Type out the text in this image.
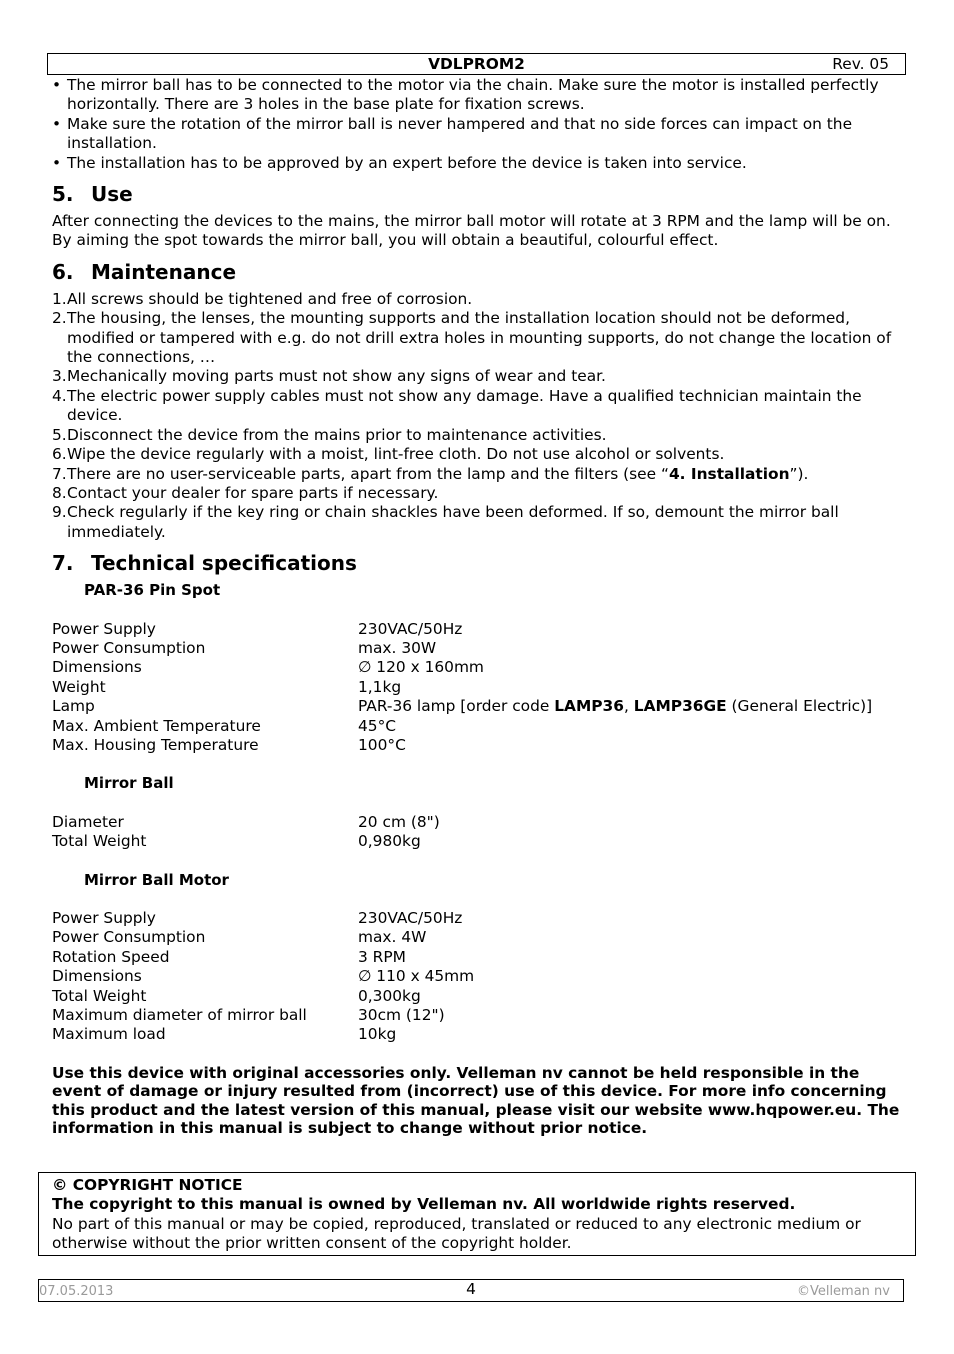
VDLPROM2	Rev. 05
• The mirror ball has to be connected to the motor via the chain. Make sure the motor is installed perfectly horizontally. There are 3 holes in the base plate for fixation screws.
• Make sure the rotation of the mirror ball is never hampered and that no side forces can impact on the installation.
• The installation has to be approved by an expert before the device is taken into service.
5. Use

After connecting the devices to the mains, the mirror ball motor will rotate at 3 RPM and the lamp will be on.

By aiming the spot towards the mirror ball, you will obtain a beautiful, colourful effect.

6. Maintenance
1. All screws should be tightened and free of corrosion.
2. The housing, the lenses, the mounting supports and the installation location should not be deformed, modified or tampered with e.g. do not drill extra holes in mounting supports, do not change the location of the connections, …
3. Mechanically moving parts must not show any signs of wear and tear.
4. The electric power supply cables must not show any damage. Have a qualified technician maintain the device.
5. Disconnect the device from the mains prior to maintenance activities.
6. Wipe the device regularly with a moist, lint-free cloth. Do not use alcohol or solvents.
7. There are no user-serviceable parts, apart from the lamp and the filters (see “4. Installation”).
8. Contact your dealer for spare parts if necessary.
9. Check regularly if the key ring or chain shackles have been deformed. If so, demount the mirror ball immediately.
7. Technical specifications
PAR-36 Pin Spot
Power Supply	230VAC/50Hz
Power Consumption	max. 30W
Dimensions	∅ 120 x 160mm
Weight	1,1kg
Lamp	PAR-36 lamp [order code LAMP36, LAMP36GE (General Electric)]
Max. Ambient Temperature	45°C
Max. Housing Temperature	100°C
Mirror Ball
Diameter	20 cm (8")
Total Weight	0,980kg
Mirror Ball Motor
Power Supply	230VAC/50Hz
Power Consumption	max. 4W
Rotation Speed	3 RPM
Dimensions	∅ 110 x 45mm
Total Weight	0,300kg
Maximum diameter of mirror ball	30cm (12")
Maximum load	10kg

Use this device with original accessories only. Velleman nv cannot be held responsible in the event of damage or injury resulted from (incorrect) use of this device. For more info concerning this product and the latest version of this manual, please visit our website www.hqpower.eu. The information in this manual is subject to change without prior notice.

© COPYRIGHT NOTICE
The copyright to this manual is owned by Velleman nv. All worldwide rights reserved.
No part of this manual or may be copied, reproduced, translated or reduced to any electronic medium or otherwise without the prior written consent of the copyright holder.
07.05.2013	4	©Velleman nv
